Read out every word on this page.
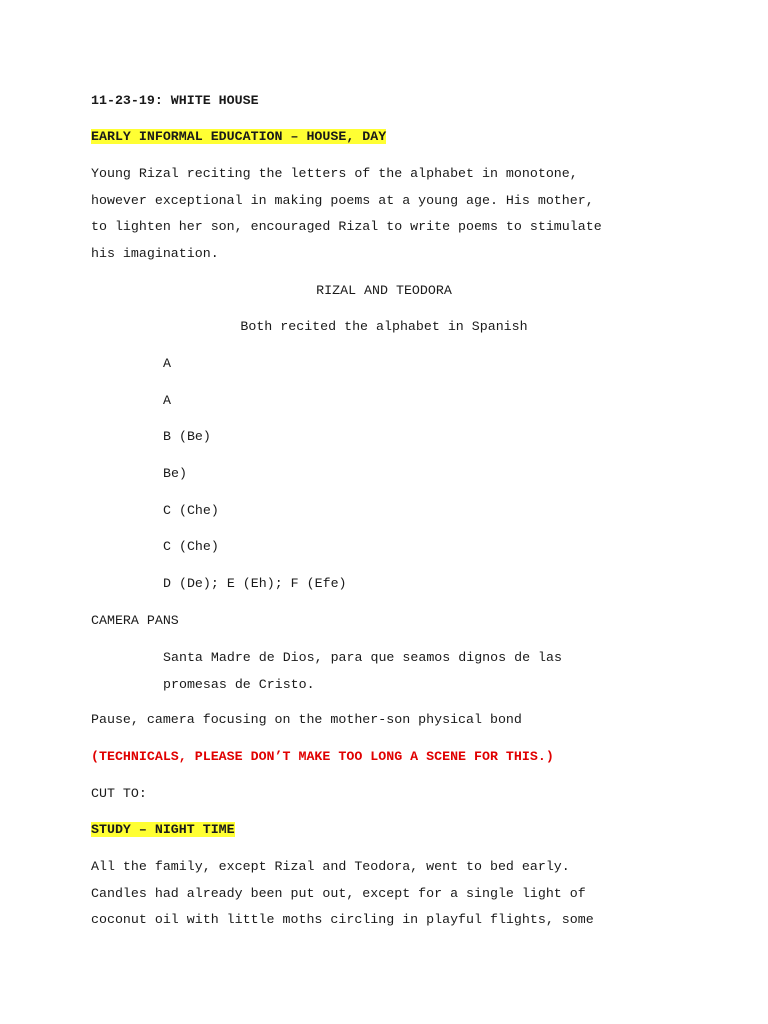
11-23-19: WHITE HOUSE
EARLY INFORMAL EDUCATION – HOUSE, DAY
Young Rizal reciting the letters of the alphabet in monotone,
however exceptional in making poems at a young age. His mother,
to lighten her son, encouraged Rizal to write poems to stimulate
his imagination.
RIZAL AND TEODORA
Both recited the alphabet in Spanish
A
A
B (Be)
Be)
C (Che)
C (Che)
D (De); E (Eh); F (Efe)
CAMERA PANS
Santa Madre de Dios, para que seamos dignos de las
promesas de Cristo.
Pause, camera focusing on the mother-son physical bond
(TECHNICALS, PLEASE DON’T MAKE TOO LONG A SCENE FOR THIS.)
CUT TO:
STUDY – NIGHT TIME
All the family, except Rizal and Teodora, went to bed early.
Candles had already been put out, except for a single light of
coconut oil with little moths circling in playful flights, some
